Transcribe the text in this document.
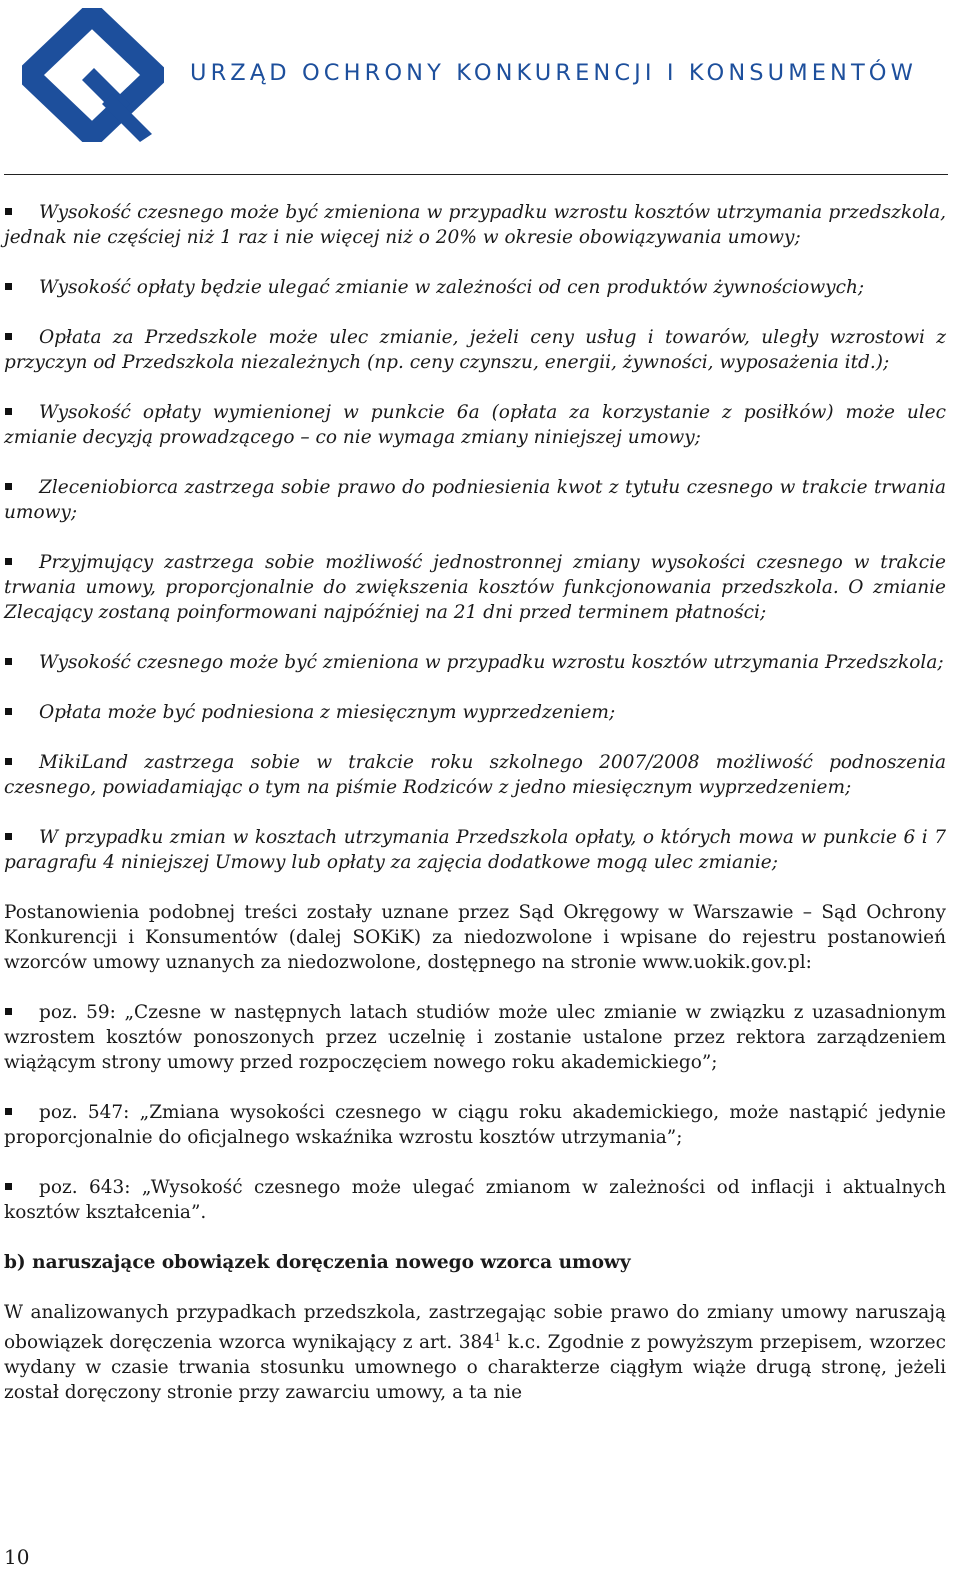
URZĄD OCHRONY KONKURENCJI I KONSUMENTÓW

Wysokość czesnego może być zmieniona w przypadku wzrostu kosztów utrzymania przedszkola, jednak nie częściej niż 1 raz i nie więcej niż o 20% w okresie obowiązywania umowy;

Wysokość opłaty będzie ulegać zmianie w zależności od cen produktów żywnościowych;

Opłata za Przedszkole może ulec zmianie, jeżeli ceny usług i towarów, uległy wzrostowi z przyczyn od Przedszkola niezależnych (np. ceny czynszu, energii, żywności, wyposażenia itd.);

Wysokość opłaty wymienionej w punkcie 6a (opłata za korzystanie z posiłków) może ulec zmianie decyzją prowadzącego – co nie wymaga zmiany niniejszej umowy;

Zleceniobiorca zastrzega sobie prawo do podniesienia kwot z tytułu czesnego w trakcie trwania umowy;

Przyjmujący zastrzega sobie możliwość jednostronnej zmiany wysokości czesnego w trakcie trwania umowy, proporcjonalnie do zwiększenia kosztów funkcjonowania przedszkola. O zmianie Zlecający zostaną poinformowani najpóźniej na 21 dni przed terminem płatności;

Wysokość czesnego może być zmieniona w przypadku wzrostu kosztów utrzymania Przedszkola;

Opłata może być podniesiona z miesięcznym wyprzedzeniem;

MikiLand zastrzega sobie w trakcie roku szkolnego 2007/2008 możliwość podnoszenia czesnego, powiadamiając o tym na piśmie Rodziców z jedno miesięcznym wyprzedzeniem;

W przypadku zmian w kosztach utrzymania Przedszkola opłaty, o których mowa w punkcie 6 i 7 paragrafu 4 niniejszej Umowy lub opłaty za zajęcia dodatkowe mogą ulec zmianie;

Postanowienia podobnej treści zostały uznane przez Sąd Okręgowy w Warszawie – Sąd Ochrony Konkurencji i Konsumentów (dalej SOKiK) za niedozwolone i wpisane do rejestru postanowień wzorców umowy uznanych za niedozwolone, dostępnego na stronie www.uokik.gov.pl:

poz. 59: „Czesne w następnych latach studiów może ulec zmianie w związku z uzasadnionym wzrostem kosztów ponoszonych przez uczelnię i zostanie ustalone przez rektora zarządzeniem wiążącym strony umowy przed rozpoczęciem nowego roku akademickiego”;

poz. 547: „Zmiana wysokości czesnego w ciągu roku akademickiego, może nastąpić jedynie proporcjonalnie do oficjalnego wskaźnika wzrostu kosztów utrzymania”;

poz. 643: „Wysokość czesnego może ulegać zmianom w zależności od inflacji i aktualnych kosztów kształcenia”.

b) naruszające obowiązek doręczenia nowego wzorca umowy

W analizowanych przypadkach przedszkola, zastrzegając sobie prawo do zmiany umowy naruszają obowiązek doręczenia wzorca wynikający z art. $384^1$ k.c. Zgodnie z powyższym przepisem, wzorzec wydany w czasie trwania stosunku umownego o charakterze ciągłym wiąże drugą stronę, jeżeli został doręczony stronie przy zawarciu umowy, a ta nie

10
